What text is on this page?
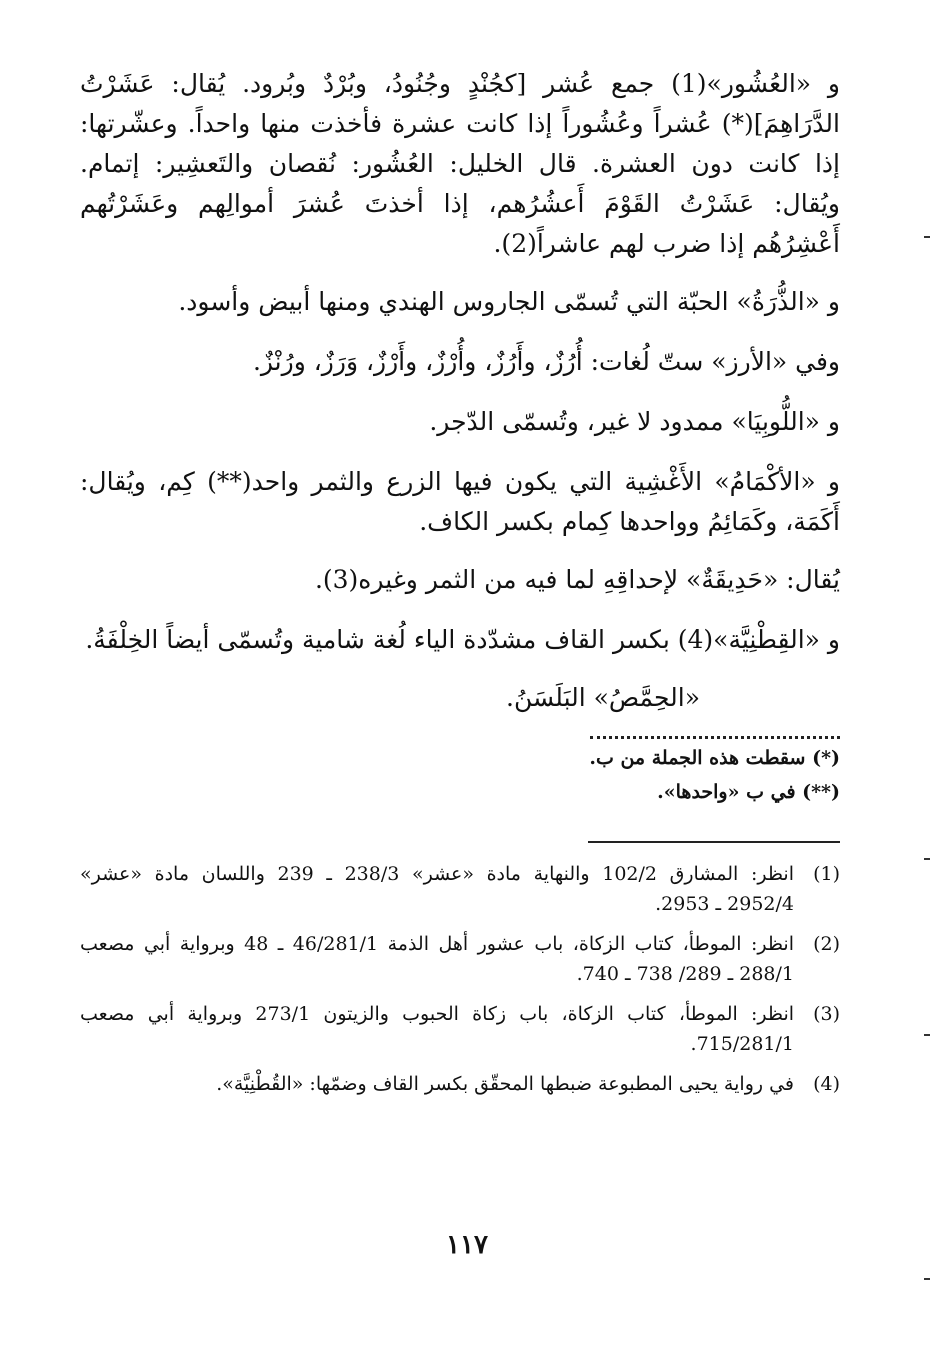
و «العُشُور»(1) جمع عُشر [كجُنْدٍ وجُنُودُ، وبُرْدٌ وبُرود. يُقال: عَشَرْتُ الدَّرَاهِمَ](*) عُشراً وعُشُوراً إذا كانت عشرة فأخذت منها واحداً. وعشّرتها: إذا كانت دون العشرة. قال الخليل: العُشُور: نُقصان والتَعشِير: إتمام. ويُقال: عَشَرْتُ القَوْمَ أَعشُرُهم، إذا أخذتَ عُشرَ أموالِهم وعَشَرْتُهم أَعْشِرُهُم إذا ضرب لهم عاشراً(2).

و «الذُّرَةُ» الحبّة التي تُسمّى الجاروس الهندي ومنها أبيض وأسود.

وفي «الأرز» ستّ لُغات: أُرُزٌ، وأَرُزٌ، وأُرْزٌ، وأَرْزٌ، وَرَزٌ، ورُنْزٌ.

و «اللُّوبِيَا» ممدود لا غير، وتُسمّى الدّجر.

و «الأكْمَامُ» الأَغْشِية التي يكون فيها الزرع والثمر واحد(**) كِم، ويُقال: أَكَمَة، وكَمَائِمُ وواحدها كِمام بكسر الكاف.

يُقال: «حَدِيقَةٌ» لإحداقِهِ لما فيه من الثمر وغيره(3).

و «القِطْنِيَّة»(4) بكسر القاف مشدّدة الياء لُغة شامية وتُسمّى أيضاً الخِلْفَةُ.

«الحِمَّصُ» البَلَسَنُ.

(*) سقطت هذه الجملة من ب.

(**) في ب «واحدها».

(1)
انظر: المشارق 102/2 والنهاية مادة «عشر» 238/3 ـ 239 واللسان مادة «عشر» 2952/4 ـ 2953.
(2)
انظر: الموطأ، كتاب الزكاة، باب عشور أهل الذمة 46/281/1 ـ 48 وبرواية أبي مصعب 288/1 ـ 289/ 738 ـ 740.
(3)
انظر: الموطأ، كتاب الزكاة، باب زكاة الحبوب والزيتون 273/1 وبرواية أبي مصعب 715/281/1.
(4)
في رواية يحيى المطبوعة ضبطها المحقّق بكسر القاف وضمّها: «القُطْنِيَّة».
١١٧
